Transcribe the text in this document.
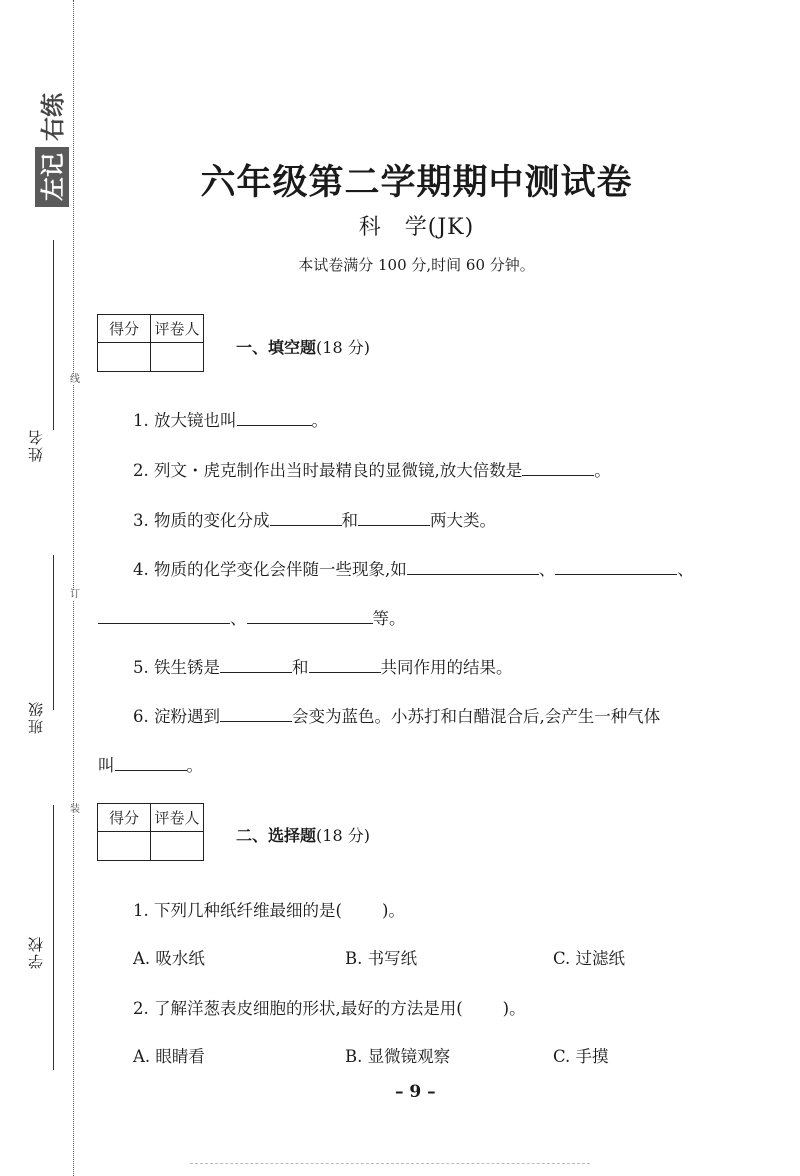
左记
右练
姓名
班级
学校
线
订
装
六年级第二学期期中测试卷
科　学(JK)
本试卷满分 100 分,时间 60 分钟。
得分	评卷人

一、填空题(18 分)
1. 放大镜也叫	。
2. 列文・虎克制作出当时最精良的显微镜,放大倍数是	。
3. 物质的变化分成	和	两大类。
4. 物质的化学变化会伴随一些现象,如	、	、
、	等。
5. 铁生锈是	和	共同作用的结果。
6. 淀粉遇到	会变为蓝色。小苏打和白醋混合后,会产生一种气体
叫	。
得分	评卷人

二、选择题(18 分)
1. 下列几种纸纤维最细的是( )。
A. 吸水纸	B. 书写纸	C. 过滤纸
2. 了解洋葱表皮细胞的形状,最好的方法是用( )。
A. 眼睛看	B. 显微镜观察	C. 手摸
– 9 –
